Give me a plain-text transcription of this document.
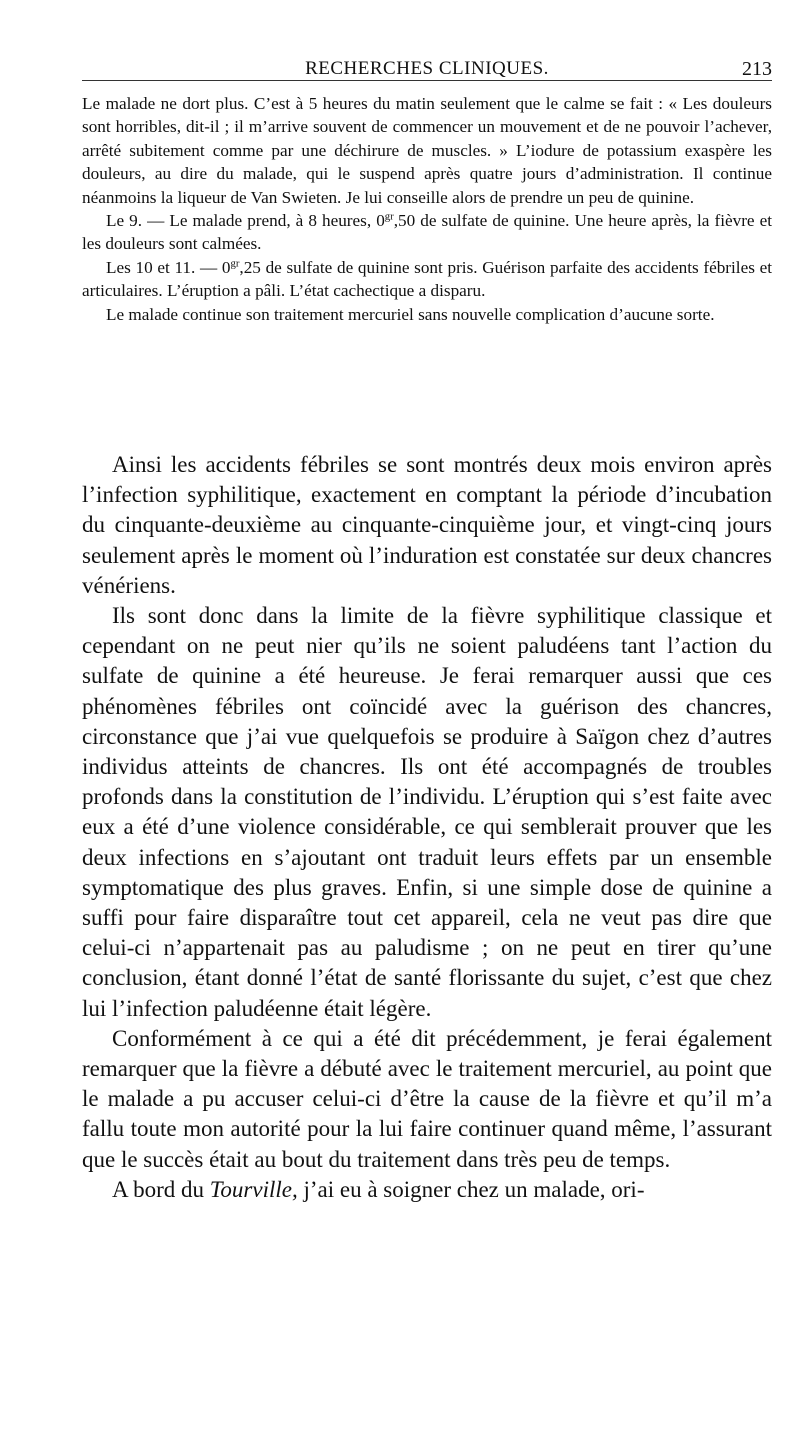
RECHERCHES CLINIQUES.	213

Le malade ne dort plus. C’est à 5 heures du matin seulement que le calme se fait : « Les douleurs sont horribles, dit-il ; il m’arrive souvent de commencer un mouvement et de ne pouvoir l’achever, arrêté subitement comme par une déchirure de muscles. » L’iodure de potassium exaspère les douleurs, au dire du malade, qui le suspend après quatre jours d’administration. Il continue néanmoins la liqueur de Van Swieten. Je lui conseille alors de prendre un peu de quinine.

Le 9. — Le malade prend, à 8 heures, $0^{gr},50$ de sulfate de quinine. Une heure après, la fièvre et les douleurs sont calmées.

Les 10 et 11. — $0^{gr},25$ de sulfate de quinine sont pris. Guérison parfaite des accidents fébriles et articulaires. L’éruption a pâli. L’état cachectique a disparu.

Le malade continue son traitement mercuriel sans nouvelle complication d’aucune sorte.

Ainsi les accidents fébriles se sont montrés deux mois environ après l’infection syphilitique, exactement en comptant la période d’incubation du cinquante-deuxième au cinquante-cinquième jour, et vingt-cinq jours seulement après le moment où l’induration est constatée sur deux chancres vénériens.

Ils sont donc dans la limite de la fièvre syphilitique classique et cependant on ne peut nier qu’ils ne soient paludéens tant l’action du sulfate de quinine a été heureuse. Je ferai remarquer aussi que ces phénomènes fébriles ont coïncidé avec la guérison des chancres, circonstance que j’ai vue quelquefois se produire à Saïgon chez d’autres individus atteints de chancres. Ils ont été accompagnés de troubles profonds dans la constitution de l’individu. L’éruption qui s’est faite avec eux a été d’une violence considérable, ce qui semblerait prouver que les deux infections en s’ajoutant ont traduit leurs effets par un ensemble symptomatique des plus graves. Enfin, si une simple dose de quinine a suffi pour faire disparaître tout cet appareil, cela ne veut pas dire que celui-ci n’appartenait pas au paludisme ; on ne peut en tirer qu’une conclusion, étant donné l’état de santé florissante du sujet, c’est que chez lui l’infection paludéenne était légère.

Conformément à ce qui a été dit précédemment, je ferai également remarquer que la fièvre a débuté avec le traitement mercuriel, au point que le malade a pu accuser celui-ci d’être la cause de la fièvre et qu’il m’a fallu toute mon autorité pour la lui faire continuer quand même, l’assurant que le succès était au bout du traitement dans très peu de temps.

A bord du Tourville, j’ai eu à soigner chez un malade, ori-
